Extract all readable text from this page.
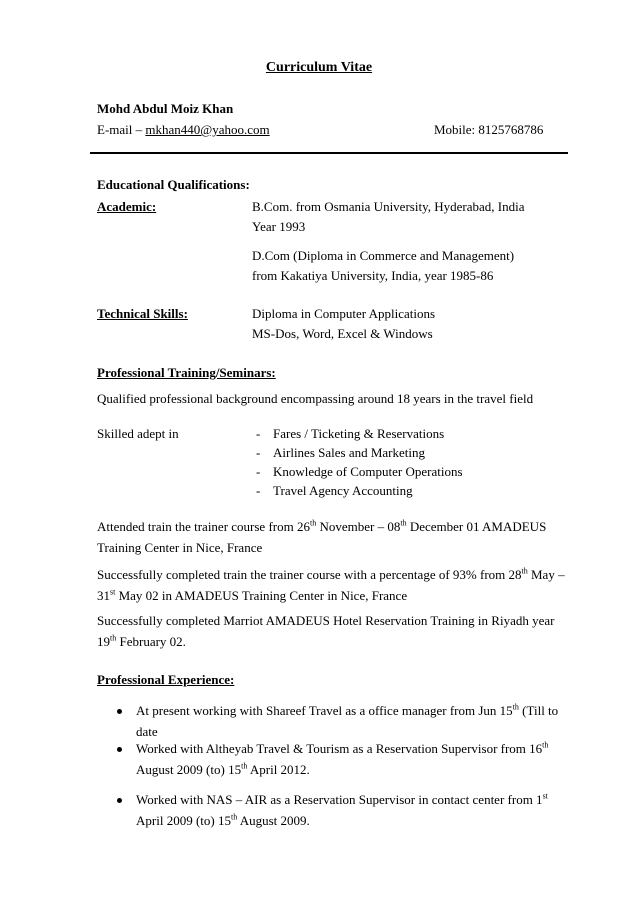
Curriculum Vitae
Mohd Abdul Moiz Khan
E-mail – mkhan440@yahoo.com	Mobile: 8125768786
Educational Qualifications:
Academic:	B.Com. from Osmania University, Hyderabad, India
Year 1993
D.Com (Diploma in Commerce and Management)
from Kakatiya University, India, year 1985-86
Technical Skills:	Diploma in Computer Applications
MS-Dos, Word, Excel & Windows
Professional Training/Seminars:
Qualified professional background encompassing around 18 years in the travel field
Skilled adept in	- Fares / Ticketing & Reservations
- Airlines Sales and Marketing
- Knowledge of Computer Operations
- Travel Agency Accounting
Attended train the trainer course from 26th November – 08th December 01 AMADEUS
Training Center in Nice, France
Successfully completed train the trainer course with a percentage of 93% from 28th May –
31st May 02 in AMADEUS Training Center in Nice, France
Successfully completed Marriot AMADEUS Hotel Reservation Training in Riyadh year
19th February 02.
Professional Experience:
At present working with Shareef Travel as a office manager from Jun 15th (Till to
date
Worked with Altheyab Travel & Tourism as a Reservation Supervisor from 16th
August 2009 (to) 15th April 2012.
Worked with NAS – AIR as a Reservation Supervisor in contact center from 1st
April 2009 (to) 15th August 2009.
